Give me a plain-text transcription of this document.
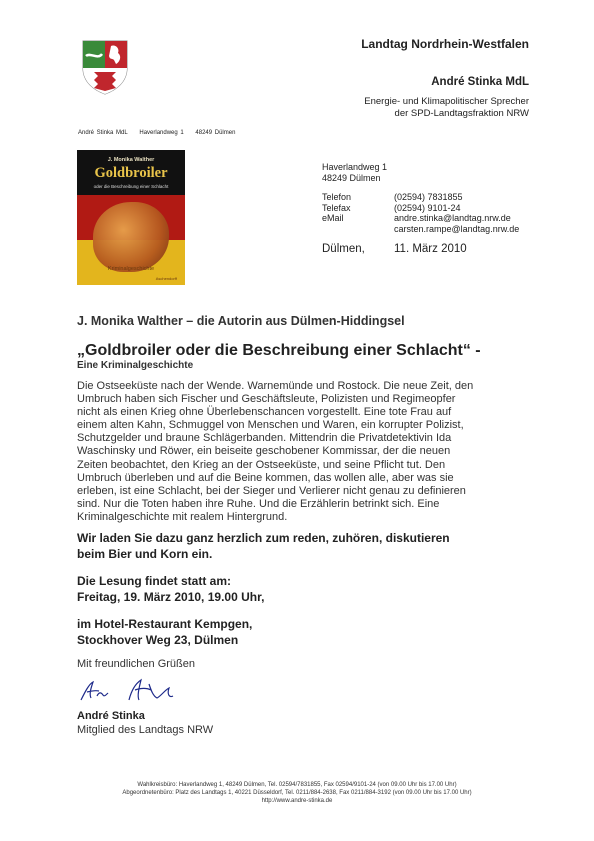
Landtag Nordrhein-Westfalen
André Stinka MdL
Energie- und Klimapolitischer Sprecher
der SPD-Landtagsfraktion NRW
André Stinka MdL Haverlandweg 1 48249 Dülmen
J. Monika Walther
Goldbroiler
oder die Beschreibung einer Schlacht
Kriminalgeschichte
Aschendorff
Haverlandweg 1
48249 Dülmen
Telefon	(02594) 7831855
Telefax	(02594) 9101-24
eMail	andre.stinka@landtag.nrw.de
carsten.rampe@landtag.nrw.de
Dülmen,	11. März 2010
J. Monika Walther – die Autorin aus Dülmen-Hiddingsel
„Goldbroiler oder die Beschreibung einer Schlacht“ -
Eine Kriminalgeschichte
Die Ostseeküste nach der Wende. Warnemünde und Rostock. Die neue Zeit, den
Umbruch haben sich Fischer und Geschäftsleute, Polizisten und Regimeopfer
nicht als einen Krieg ohne Überlebenschancen vorgestellt. Eine tote Frau auf
einem alten Kahn, Schmuggel von Menschen und Waren, ein korrupter Polizist,
Schutzgelder und braune Schlägerbanden. Mittendrin die Privatdetektivin Ida
Waschinsky und Röwer, ein beiseite geschobener Kommissar, der die neuen
Zeiten beobachtet, den Krieg an der Ostseeküste, und seine Pflicht tut. Den
Umbruch überleben und auf die Beine kommen, das wollen alle, aber was sie
erleben, ist eine Schlacht, bei der Sieger und Verlierer nicht genau zu definieren
sind. Nur die Toten haben ihre Ruhe. Und die Erzählerin betrinkt sich. Eine
Kriminalgeschichte mit realem Hintergrund.
Wir laden Sie dazu ganz herzlich zum reden, zuhören, diskutieren
beim Bier und Korn ein.
Die Lesung findet statt am:
Freitag, 19. März 2010, 19.00 Uhr,
im Hotel-Restaurant Kempgen,
Stockhover Weg 23, Dülmen
Mit freundlichen Grüßen
André Stinka
Mitglied des Landtags NRW
Wahlkreisbüro: Haverlandweg 1, 48249 Dülmen, Tel. 02594/7831855, Fax 02594/9101-24 (von 09.00 Uhr bis 17.00 Uhr)
Abgeordnetenbüro: Platz des Landtags 1, 40221 Düsseldorf, Tel. 0211/884-2638, Fax 0211/884-3192 (von 09.00 Uhr bis 17.00 Uhr)
http://www.andre-stinka.de
